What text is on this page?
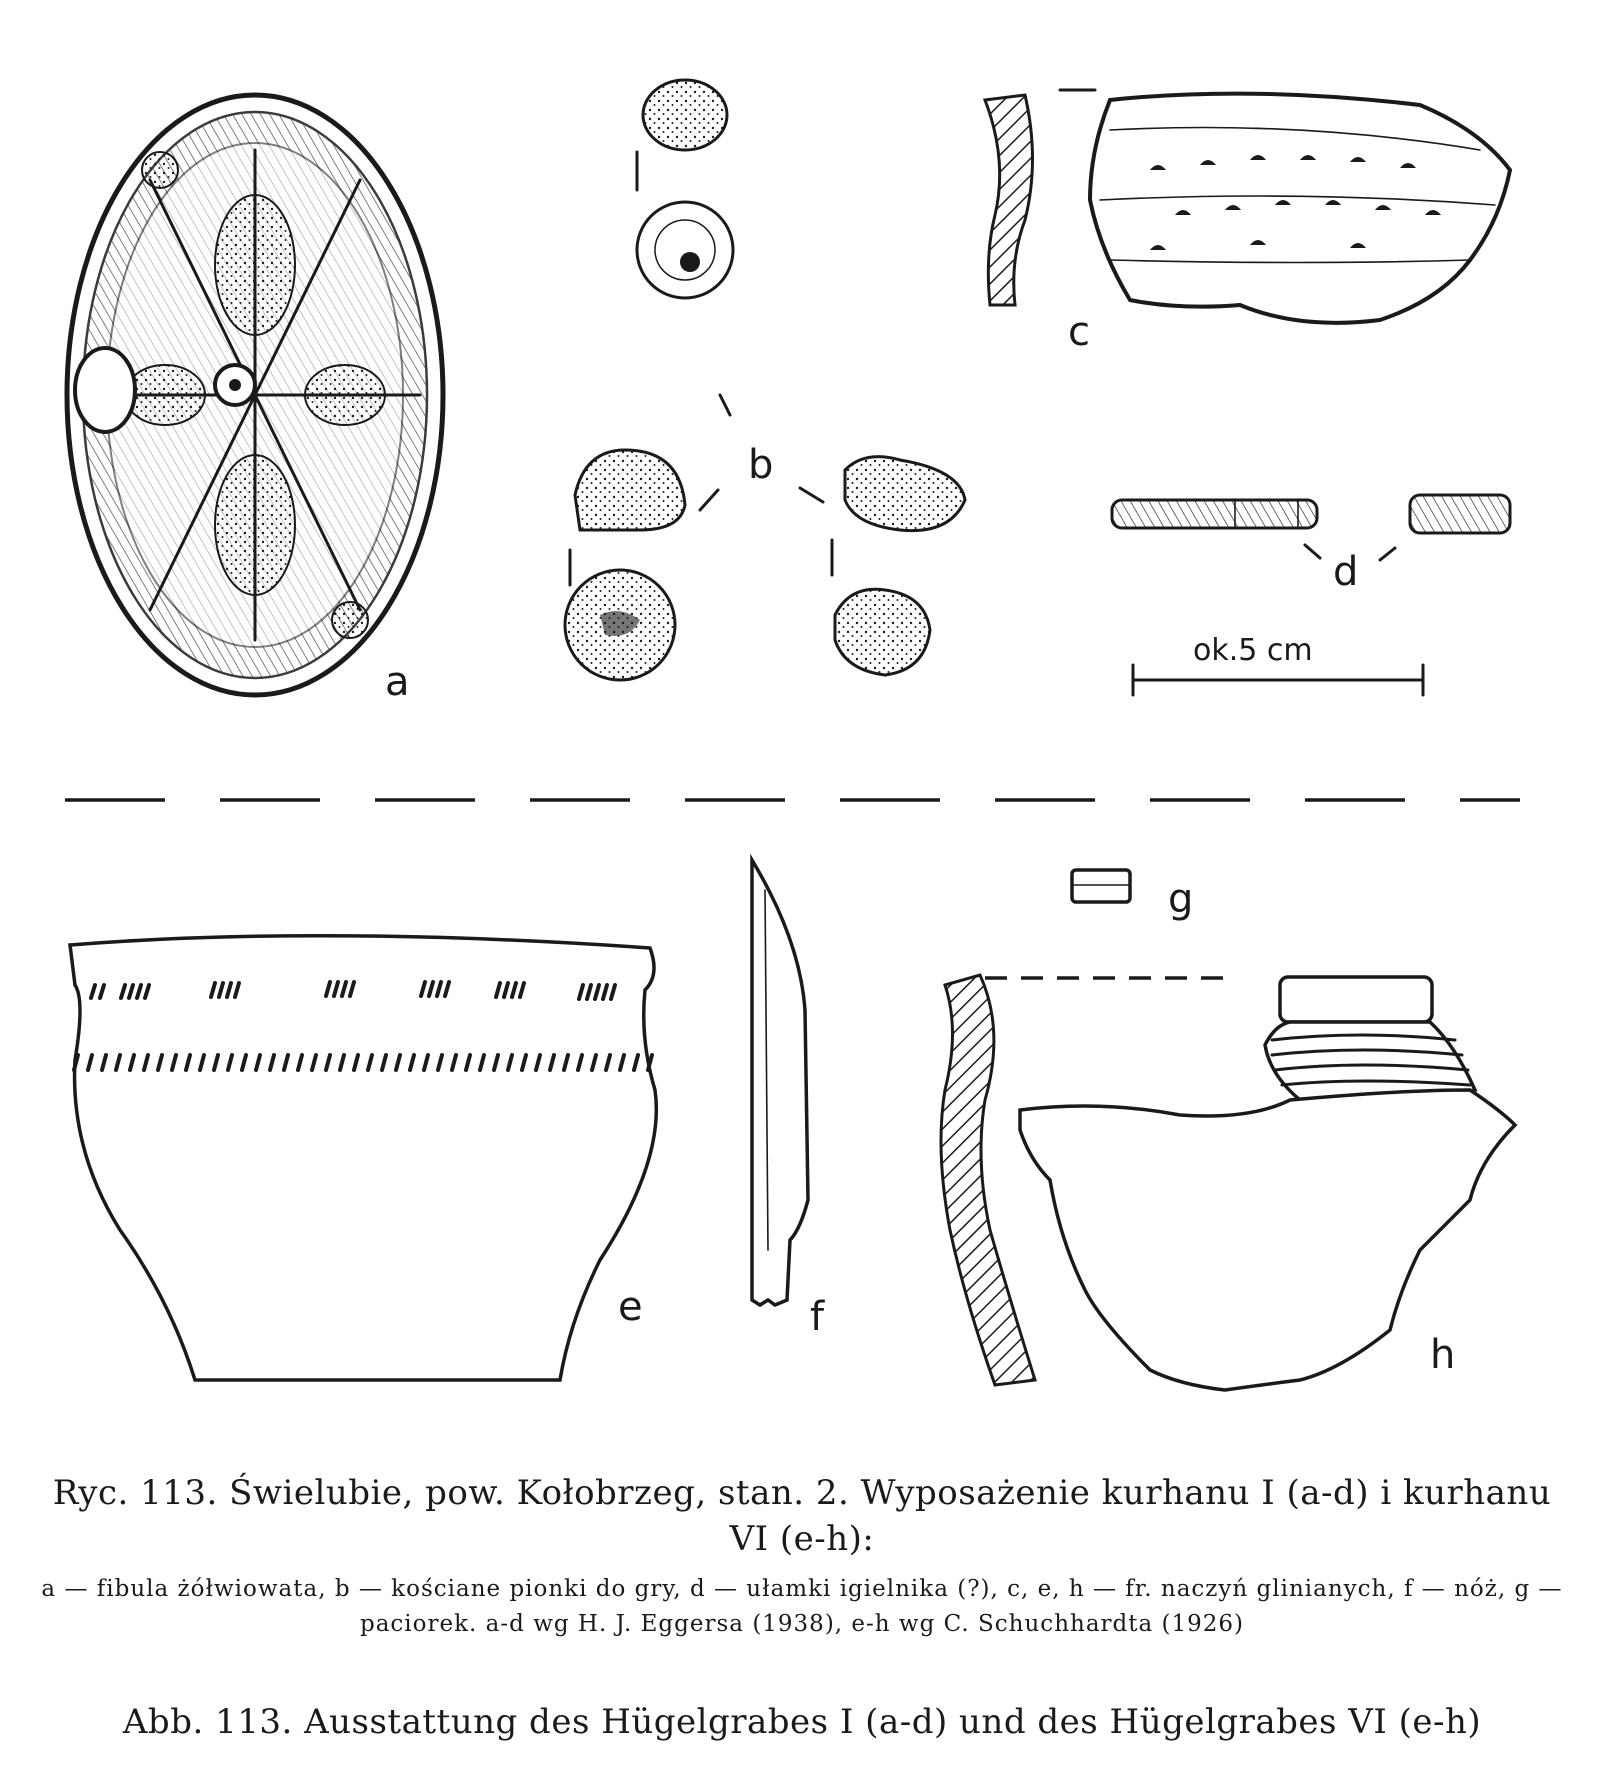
a
b
c
d
ok.5 cm
e	f
g
h
Ryc. 113. Świelubie, pow. Kołobrzeg, stan. 2. Wyposażenie kurhanu I (a-d) i kurhanu VI (e-h):
a — fibula żółwiowata, b — kościane pionki do gry, d — ułamki igielnika (?), c, e, h — fr. naczyń glinianych, f — nóż, g — paciorek. a-d wg H. J. Eggersa (1938), e-h wg C. Schuchhardta (1926)
Abb. 113. Ausstattung des Hügelgrabes I (a-d) und des Hügelgrabes VI (e-h)
